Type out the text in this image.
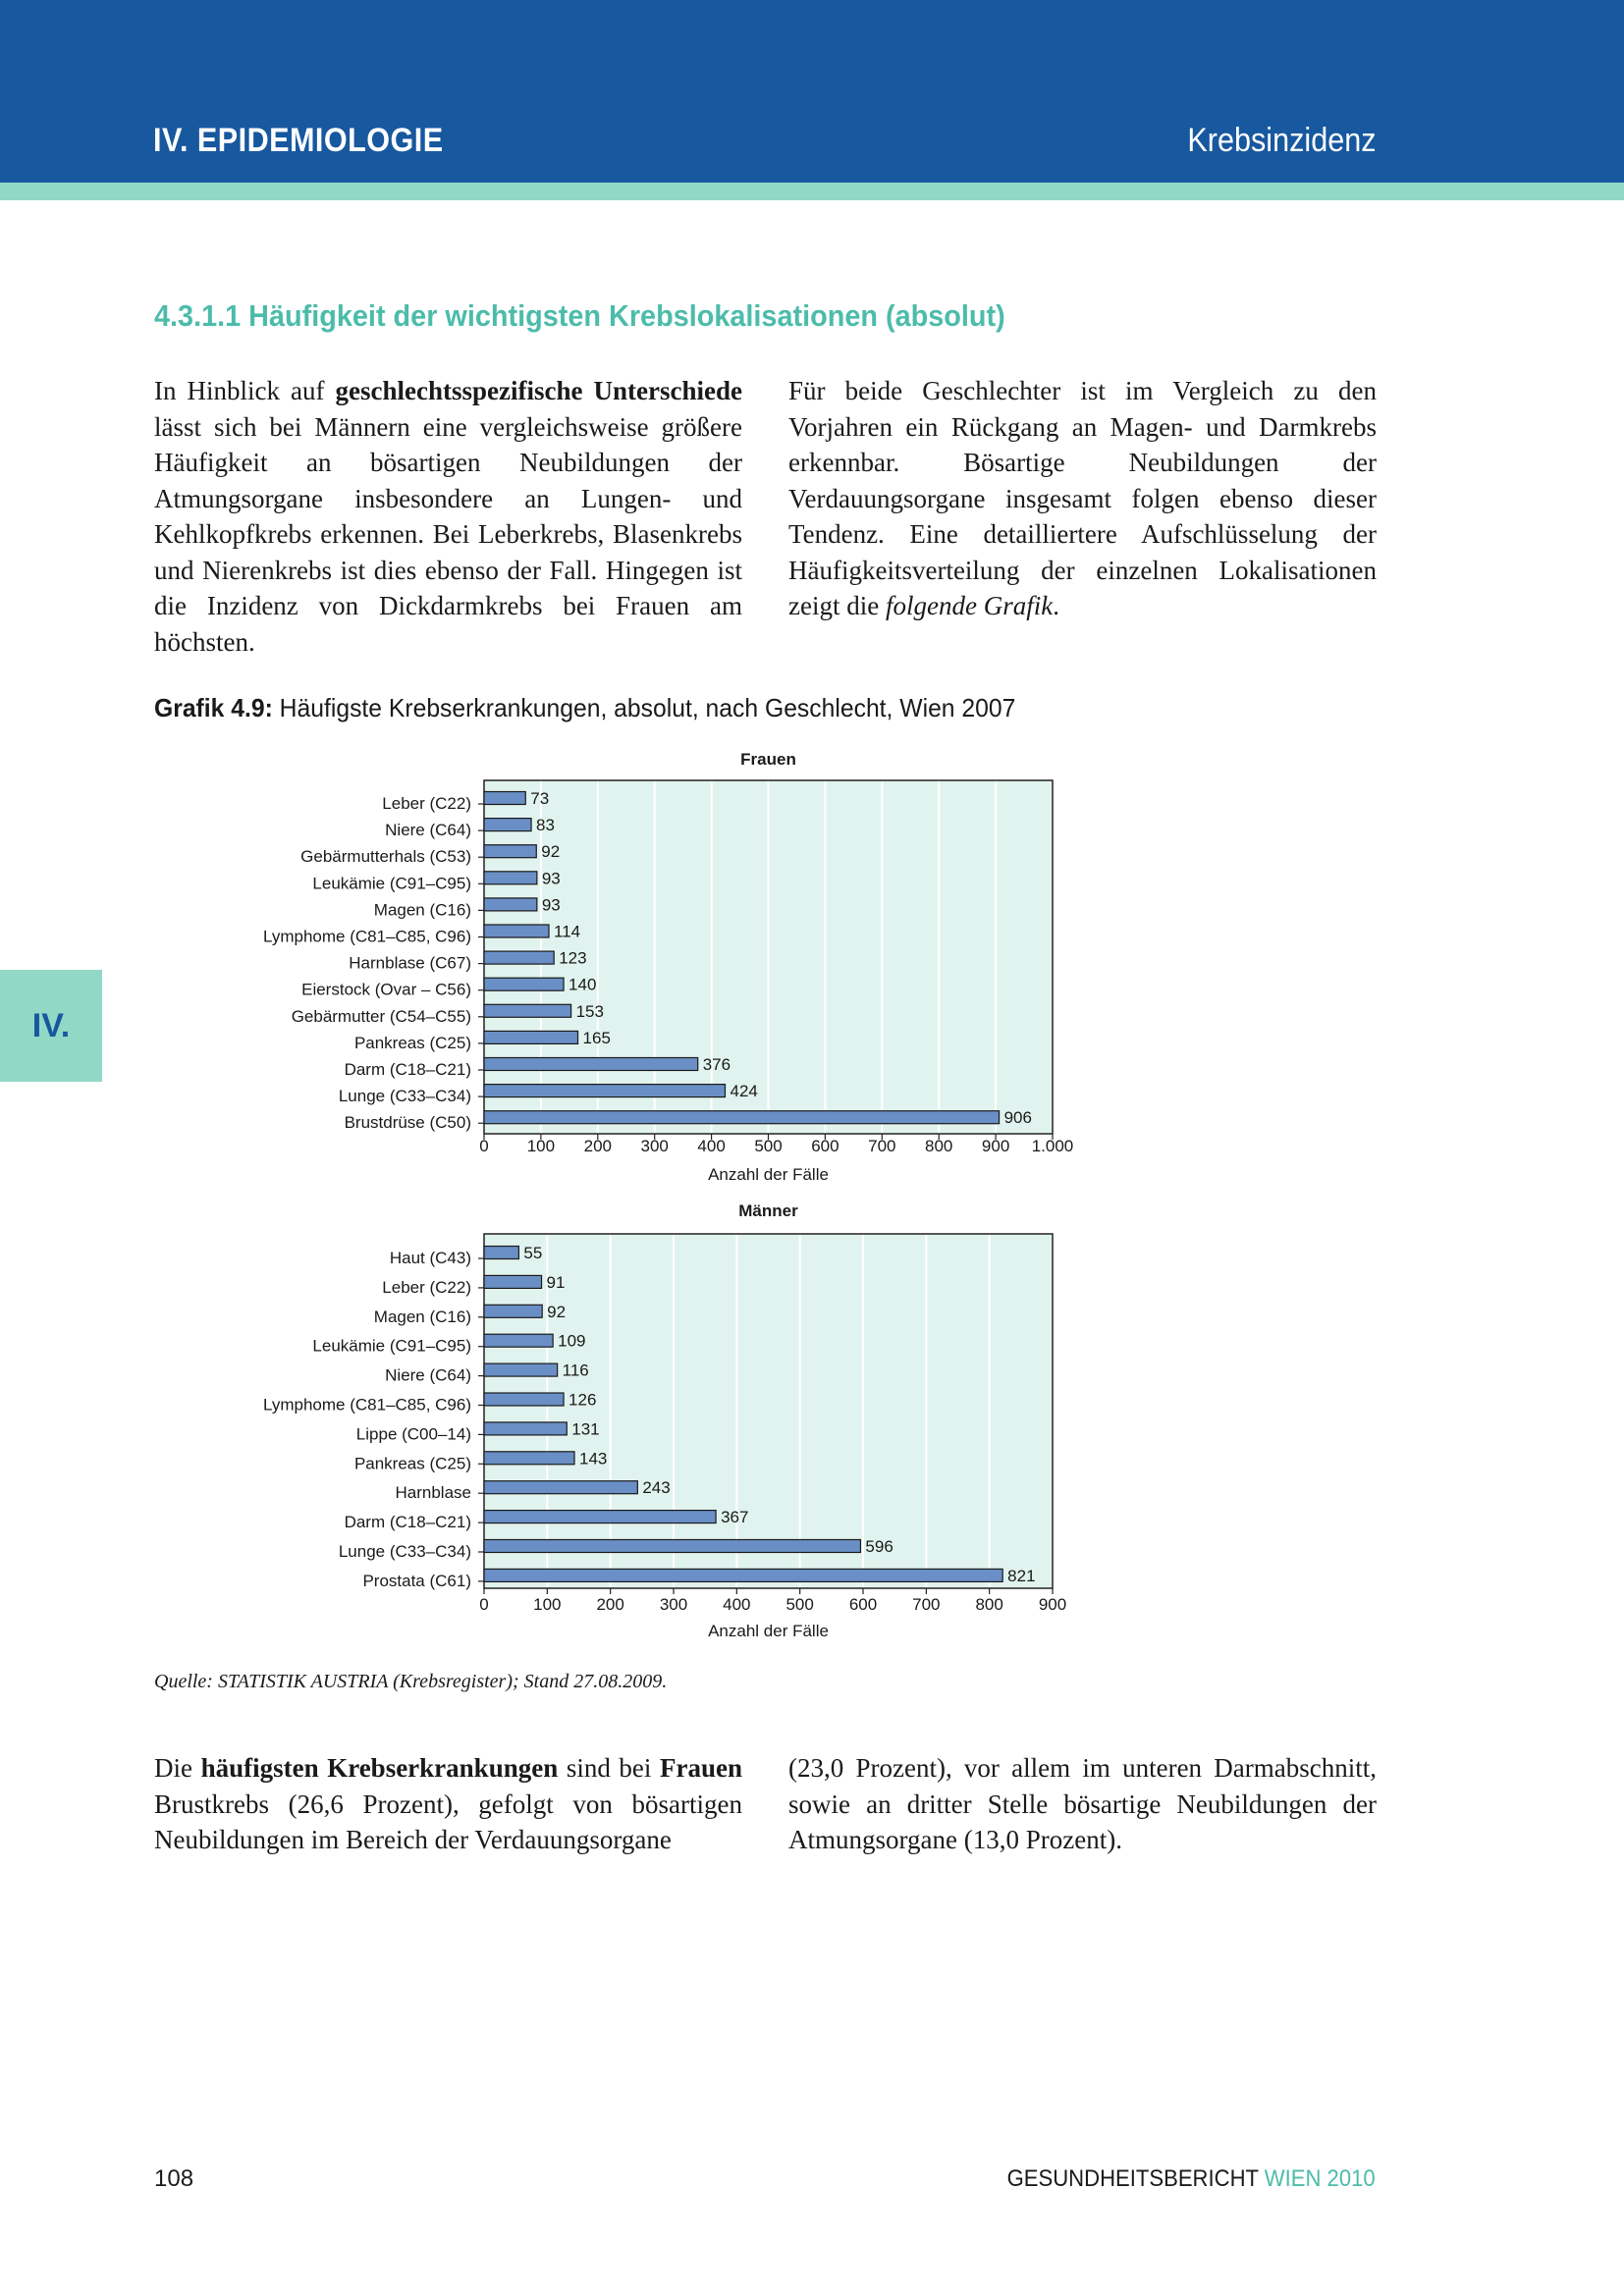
IV. EPIDEMIOLOGIE	Krebsinzidenz
IV.
4.3.1.1 Häufigkeit der wichtigsten Krebslokalisationen (absolut)

In Hinblick auf geschlechtsspezifische Unterschiede lässt sich bei Männern eine vergleichsweise größere Häufigkeit an bösartigen Neubildungen der Atmungsorgane insbesondere an Lungen- und Kehlkopfkrebs erkennen. Bei Leberkrebs, Blasenkrebs und Nierenkrebs ist dies ebenso der Fall. Hingegen ist die Inzidenz von Dickdarmkrebs bei Frauen am höchsten.

Für beide Geschlechter ist im Vergleich zu den Vorjahren ein Rückgang an Magen- und Darmkrebs erkennbar. Bösartige Neubildungen der Verdauungsorgane insgesamt folgen ebenso dieser Tendenz. Eine detailliertere Aufschlüsselung der Häufigkeitsverteilung der einzelnen Lokalisationen zeigt die folgende Grafik.

Grafik 4.9: Häufigste Krebserkrankungen, absolut, nach Geschlecht, Wien 2007
Frauen
73
Leber (C22)
83
Niere (C64)
92
Gebärmutterhals (C53)
93
Leukämie (C91–C95)
93
Magen (C16)
114
Lymphome (C81–C85, C96)
123
Harnblase (C67)
140
Eierstock (Ovar – C56)
153
Gebärmutter (C54–C55)
165
Pankreas (C25)
376
Darm (C18–C21)
424
Lunge (C33–C34)
906
Brustdrüse (C50)
0 100 200 300 400 500 600 700 800 900 1.000
Anzahl der Fälle
Männer
55
Haut (C43)
91
Leber (C22)
92
Magen (C16)
109
Leukämie (C91–C95)
116
Niere (C64)
126
Lymphome (C81–C85, C96)
131
Lippe (C00–14)
143
Pankreas (C25)
243
Harnblase
367
Darm (C18–C21)
596
Lunge (C33–C34)
821
Prostata (C61)
0	100 200 300 400 500 600 700 800 900
Anzahl der Fälle
Quelle: STATISTIK AUSTRIA (Krebsregister); Stand 27.08.2009.

Die häufigsten Krebserkrankungen sind bei Frauen Brustkrebs (26,6 Prozent), gefolgt von bösartigen Neubildungen im Bereich der Verdauungsorgane

(23,0 Prozent), vor allem im unteren Darmabschnitt, sowie an dritter Stelle bösartige Neubildungen der Atmungsorgane (13,0 Prozent).

108	GESUNDHEITSBERICHT WIEN 2010
